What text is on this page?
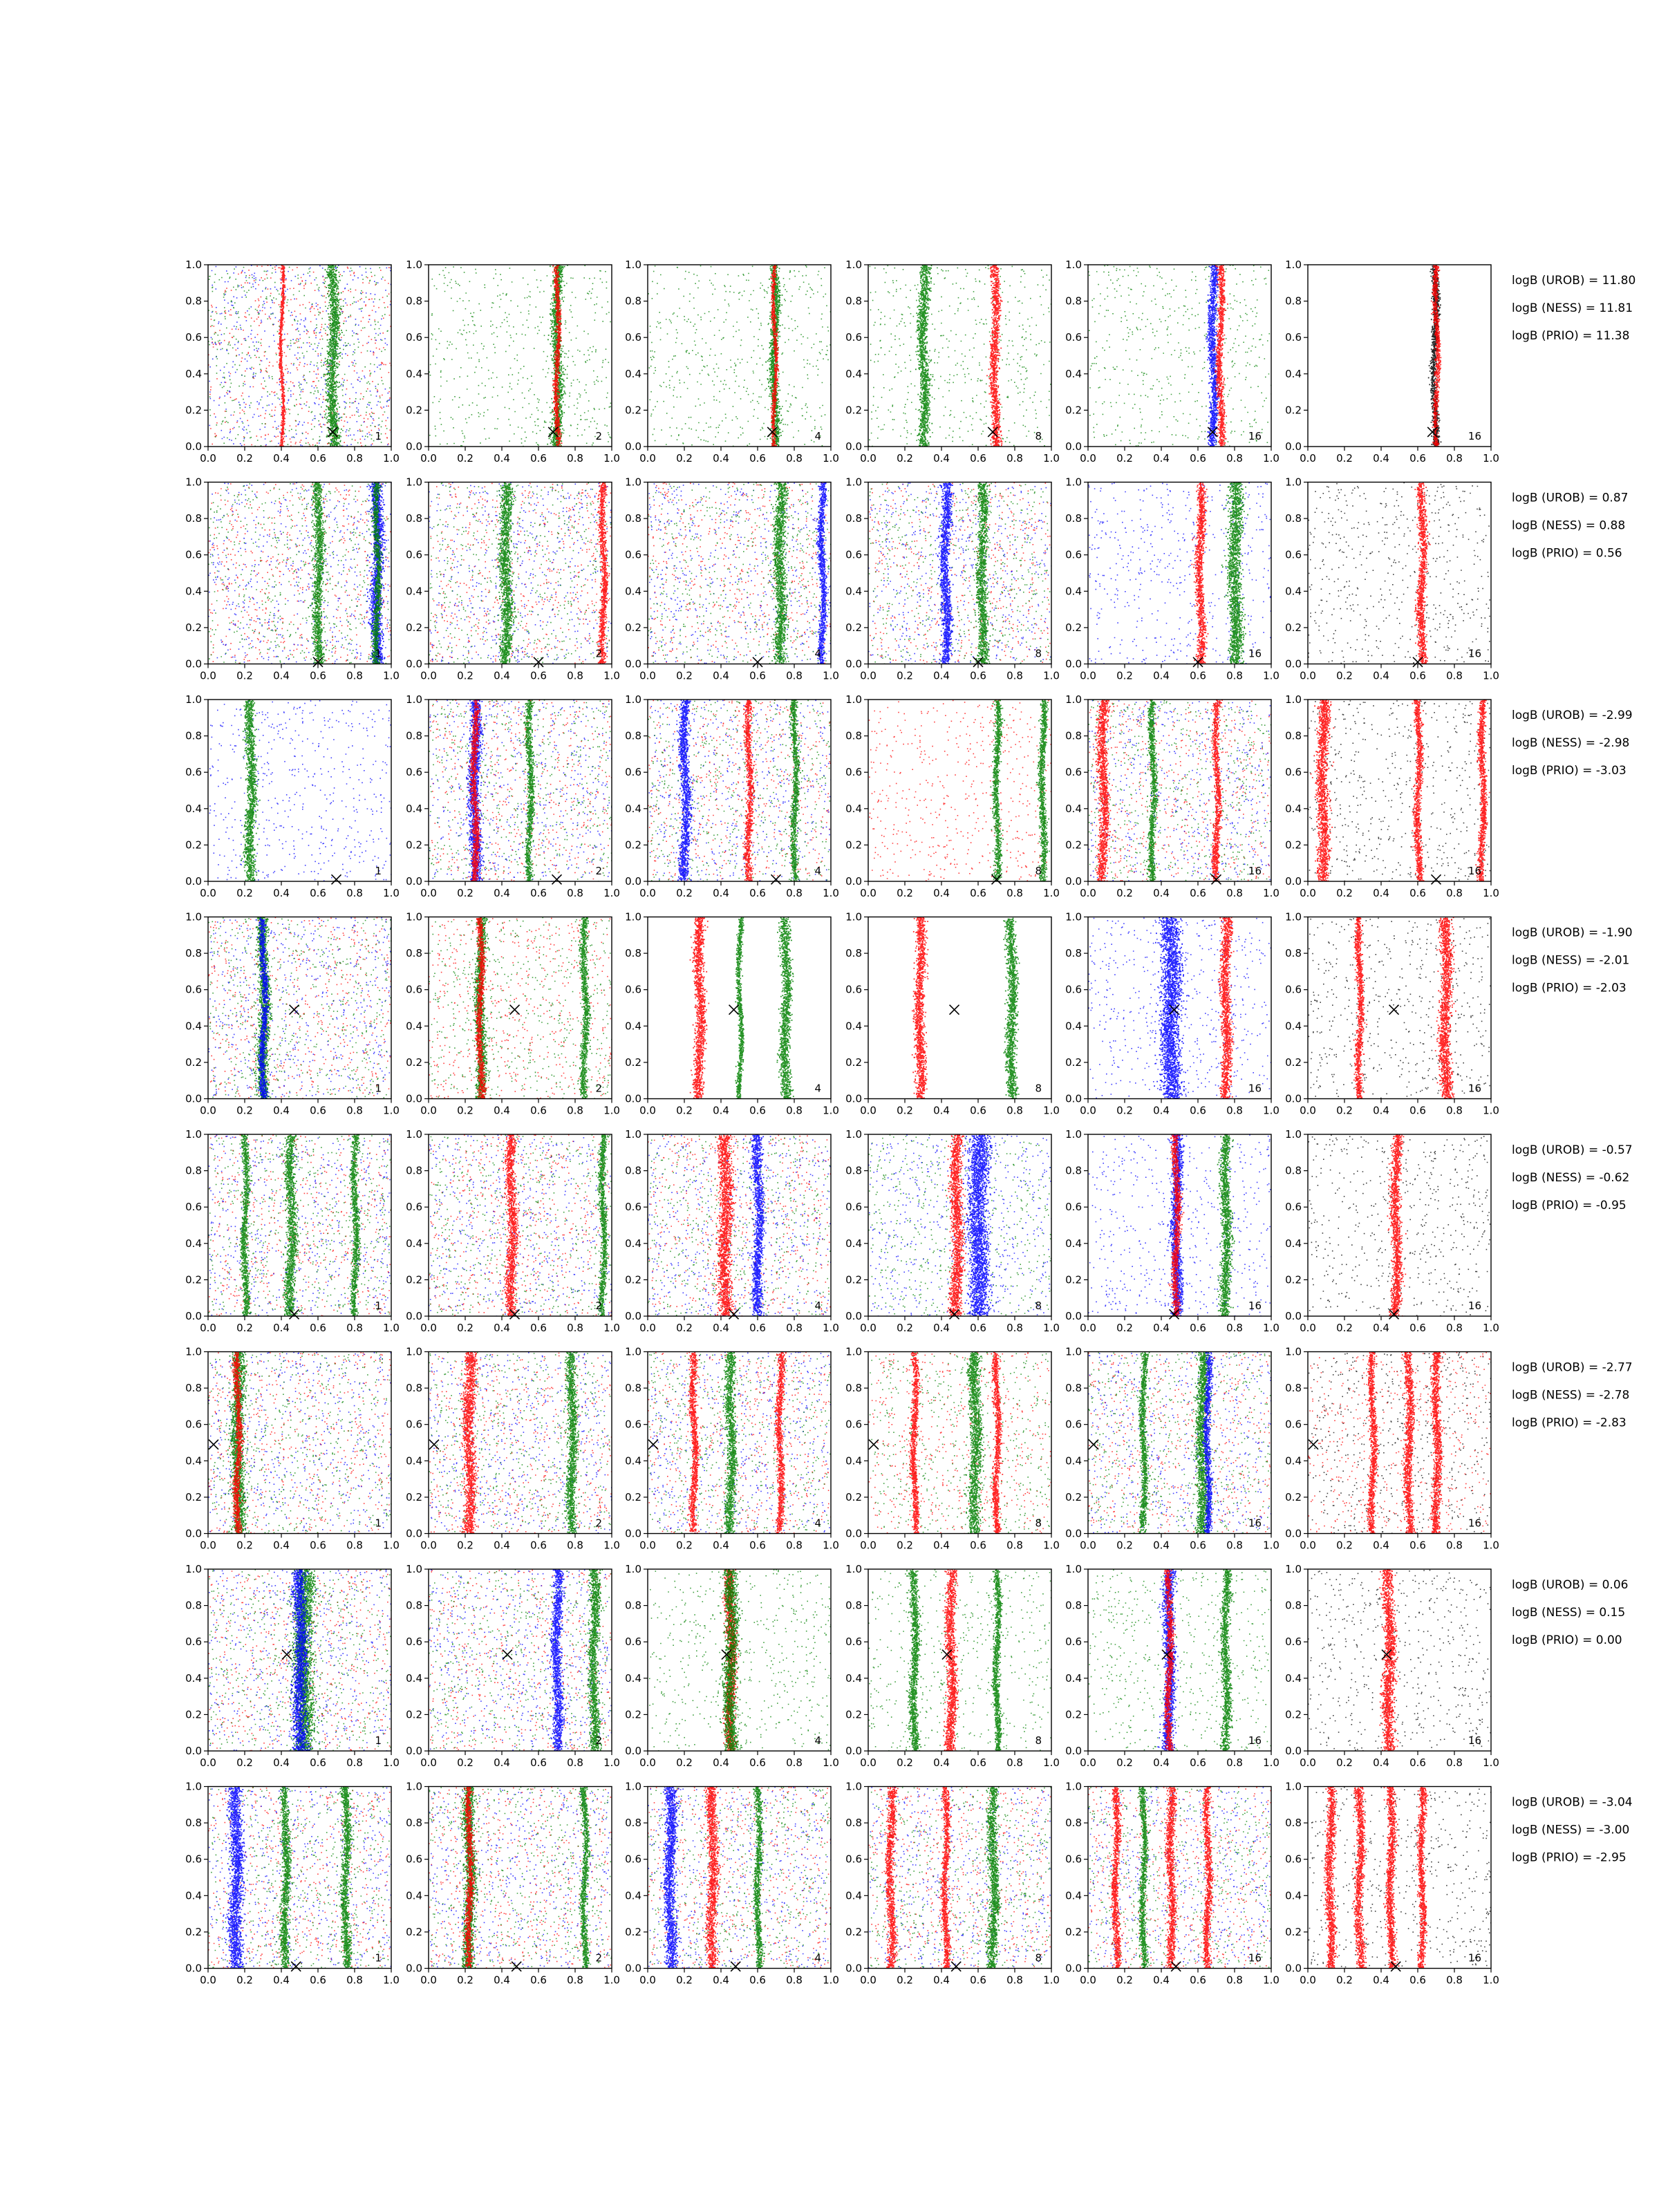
0.0 0.2 0.4 0.6 0.8 1.0
0.0
0.2
0.4
0.6
0.8
1.0
1
0.0 0.2 0.4 0.6 0.8 1.0
0.0
0.2
0.4
0.6
0.8
1.0
2
0.0 0.2 0.4 0.6 0.8 1.0
0.0
0.2
0.4
0.6
0.8
1.0
4
0.0 0.2 0.4 0.6 0.8 1.0
0.0
0.2
0.4
0.6
0.8
1.0
8
0.0 0.2 0.4 0.6 0.8 1.0
0.0
0.2
0.4
0.6
0.8
1.0
16
0.0 0.2 0.4 0.6 0.8 1.0
0.0
0.2
0.4
0.6
0.8
1.0
16
logB (UROB) = 11.80
logB (NESS) = 11.81
logB (PRIO) = 11.38
0.0 0.2 0.4 0.6 0.8 1.0
0.0
0.2
0.4
0.6
0.8
1.0
1
0.0 0.2 0.4 0.6 0.8 1.0
0.0
0.2
0.4
0.6
0.8
1.0
2
0.0 0.2 0.4 0.6 0.8 1.0
0.0
0.2
0.4
0.6
0.8
1.0
4
0.0 0.2 0.4 0.6 0.8 1.0
0.0
0.2
0.4
0.6
0.8
1.0
8
0.0 0.2 0.4 0.6 0.8 1.0
0.0
0.2
0.4
0.6
0.8
1.0
16
0.0 0.2 0.4 0.6 0.8 1.0
0.0
0.2
0.4
0.6
0.8
1.0
16
logB (UROB) = 0.87
logB (NESS) = 0.88
logB (PRIO) = 0.56
0.0 0.2 0.4 0.6 0.8 1.0
0.0
0.2
0.4
0.6
0.8
1.0
1
0.0 0.2 0.4 0.6 0.8 1.0
0.0
0.2
0.4
0.6
0.8
1.0
2
0.0 0.2 0.4 0.6 0.8 1.0
0.0
0.2
0.4
0.6
0.8
1.0
4
0.0 0.2 0.4 0.6 0.8 1.0
0.0
0.2
0.4
0.6
0.8
1.0
8
0.0 0.2 0.4 0.6 0.8 1.0
0.0
0.2
0.4
0.6
0.8
1.0
16
0.0 0.2 0.4 0.6 0.8 1.0
0.0
0.2
0.4
0.6
0.8
1.0
16
logB (UROB) = -2.99
logB (NESS) = -2.98
logB (PRIO) = -3.03
0.0 0.2 0.4 0.6 0.8 1.0
0.0
0.2
0.4
0.6
0.8
1.0
1
0.0 0.2 0.4 0.6 0.8 1.0
0.0
0.2
0.4
0.6
0.8
1.0
2
0.0 0.2 0.4 0.6 0.8 1.0
0.0
0.2
0.4
0.6
0.8
1.0
4
0.0 0.2 0.4 0.6 0.8 1.0
0.0
0.2
0.4
0.6
0.8
1.0
8
0.0 0.2 0.4 0.6 0.8 1.0
0.0
0.2
0.4
0.6
0.8
1.0
16
0.0 0.2 0.4 0.6 0.8 1.0
0.0
0.2
0.4
0.6
0.8
1.0
16
logB (UROB) = -1.90
logB (NESS) = -2.01
logB (PRIO) = -2.03
0.0 0.2 0.4 0.6 0.8 1.0
0.0
0.2
0.4
0.6
0.8
1.0
1
0.0 0.2 0.4 0.6 0.8 1.0
0.0
0.2
0.4
0.6
0.8
1.0
2
0.0 0.2 0.4 0.6 0.8 1.0
0.0
0.2
0.4
0.6
0.8
1.0
4
0.0 0.2 0.4 0.6 0.8 1.0
0.0
0.2
0.4
0.6
0.8
1.0
8
0.0 0.2 0.4 0.6 0.8 1.0
0.0
0.2
0.4
0.6
0.8
1.0
16
0.0 0.2 0.4 0.6 0.8 1.0
0.0
0.2
0.4
0.6
0.8
1.0
16
logB (UROB) = -0.57
logB (NESS) = -0.62
logB (PRIO) = -0.95
0.0 0.2 0.4 0.6 0.8 1.0
0.0
0.2
0.4
0.6
0.8
1.0
1
0.0 0.2 0.4 0.6 0.8 1.0
0.0
0.2
0.4
0.6
0.8
1.0
2
0.0 0.2 0.4 0.6 0.8 1.0
0.0
0.2
0.4
0.6
0.8
1.0
4
0.0 0.2 0.4 0.6 0.8 1.0
0.0
0.2
0.4
0.6
0.8
1.0
8
0.0 0.2 0.4 0.6 0.8 1.0
0.0
0.2
0.4
0.6
0.8
1.0
16
0.0 0.2 0.4 0.6 0.8 1.0
0.0
0.2
0.4
0.6
0.8
1.0
16
logB (UROB) = -2.77
logB (NESS) = -2.78
logB (PRIO) = -2.83
0.0 0.2 0.4 0.6 0.8 1.0
0.0
0.2
0.4
0.6
0.8
1.0
1
0.0 0.2 0.4 0.6 0.8 1.0
0.0
0.2
0.4
0.6
0.8
1.0
2
0.0 0.2 0.4 0.6 0.8 1.0
0.0
0.2
0.4
0.6
0.8
1.0
4
0.0 0.2 0.4 0.6 0.8 1.0
0.0
0.2
0.4
0.6
0.8
1.0
8
0.0 0.2 0.4 0.6 0.8 1.0
0.0
0.2
0.4
0.6
0.8
1.0
16
0.0 0.2 0.4 0.6 0.8 1.0
0.0
0.2
0.4
0.6
0.8
1.0
16
logB (UROB) = 0.06
logB (NESS) = 0.15
logB (PRIO) = 0.00
0.0 0.2 0.4 0.6 0.8 1.0
0.0
0.2
0.4
0.6
0.8
1.0
1
0.0 0.2 0.4 0.6 0.8 1.0
0.0
0.2
0.4
0.6
0.8
1.0
2
0.0 0.2 0.4 0.6 0.8 1.0
0.0
0.2
0.4
0.6
0.8
1.0
4
0.0 0.2 0.4 0.6 0.8 1.0
0.0
0.2
0.4
0.6
0.8
1.0
8
0.0 0.2 0.4 0.6 0.8 1.0
0.0
0.2
0.4
0.6
0.8
1.0
16
0.0 0.2 0.4 0.6 0.8 1.0
0.0
0.2
0.4
0.6
0.8
1.0
16
logB (UROB) = -3.04
logB (NESS) = -3.00
logB (PRIO) = -2.95
